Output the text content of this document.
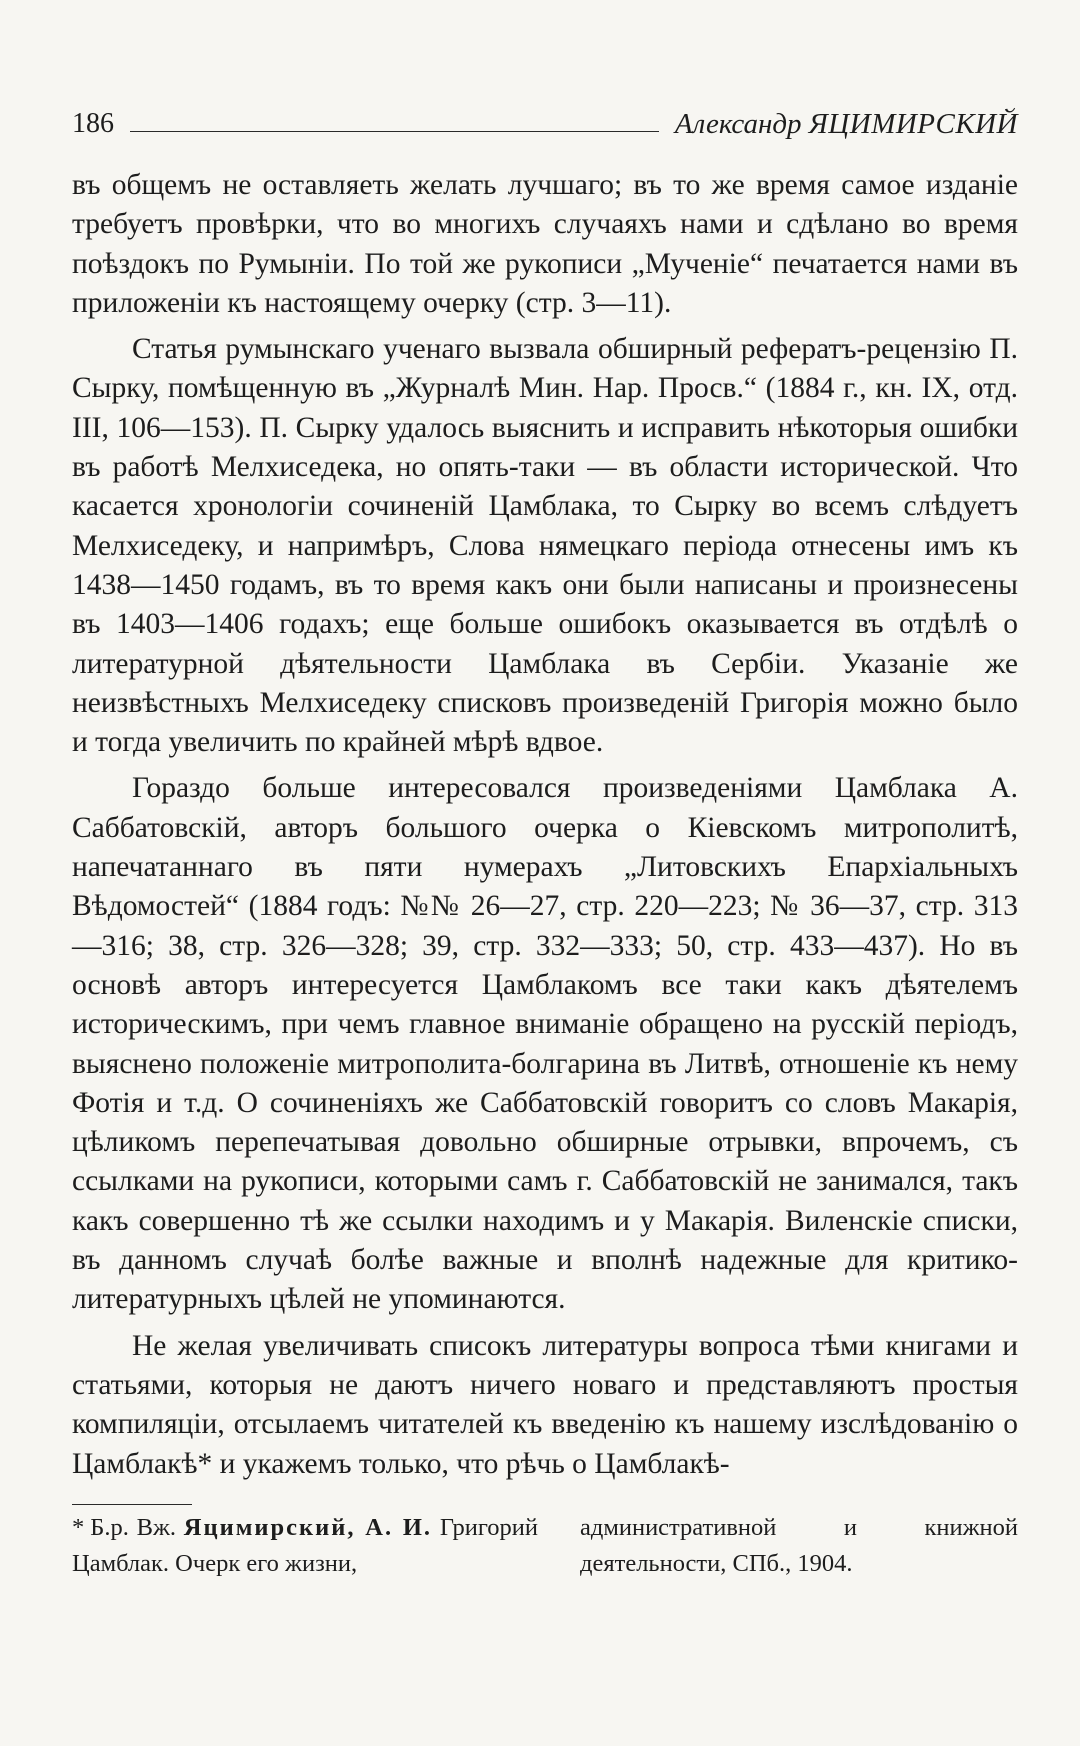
186	Александр ЯЦИМИРСКИЙ

въ общемъ не оставляеть желать лучшаго; въ то же время самое изданіе требуетъ провѣрки, что во многихъ случаяхъ нами и сдѣлано во время поѣздокъ по Румыніи. По той же рукописи „Мученіе“ печатается нами въ приложеніи къ настоящему очерку (стр. 3—11).

Статья румынскаго ученаго вызвала обширный рефератъ-рецензію П. Сырку, помѣщенную въ „Журналѣ Мин. Нар. Просв.“ (1884 г., кн. IX, отд. III, 106—153). П. Сырку удалось выяснить и исправить нѣкоторыя ошибки въ работѣ Мелхиседека, но опять-таки — въ области исторической. Что касается хронологіи сочиненій Цамблака, то Сырку во всемъ слѣдуетъ Мелхиседеку, и напримѣръ, Слова нямецкаго періода отнесены имъ къ 1438—1450 годамъ, въ то время какъ они были написаны и произнесены въ 1403—1406 годахъ; еще больше ошибокъ оказывается въ отдѣлѣ о литературной дѣятельности Цамблака въ Сербіи. Указаніе же неизвѣстныхъ Мелхиседеку списковъ произведеній Григорія можно было и тогда увеличить по крайней мѣрѣ вдвое.

Гораздо больше интересовался произведеніями Цамблака А. Саббатовскій, авторъ большого очерка о Кіевскомъ митрополитѣ, напечатаннаго въ пяти нумерахъ „Литовскихъ Епархіальныхъ Вѣдомостей“ (1884 годъ: №№ 26—27, стр. 220—223; № 36—37, стр. 313—316; 38, стр. 326—328; 39, стр. 332—333; 50, стр. 433—437). Но въ основѣ авторъ интересуется Цамблакомъ все таки какъ дѣятелемъ историческимъ, при чемъ главное вниманіе обращено на русскій періодъ, выяснено положеніе митрополита-болгарина въ Литвѣ, отношеніе къ нему Фотія и т.д. О сочиненіяхъ же Саббатовскій говоритъ со словъ Макарія, цѣликомъ перепечатывая довольно обширные отрывки, впрочемъ, съ ссылками на рукописи, которыми самъ г. Саббатовскій не занимался, такъ какъ совершенно тѣ же ссылки находимъ и у Макарія. Виленскіе списки, въ данномъ случаѣ болѣе важные и вполнѣ надежные для критико-литературныхъ цѣлей не упоминаются.

Не желая увеличивать списокъ литературы вопроса тѣми книгами и статьями, которыя не даютъ ничего новаго и представляютъ простыя компиляціи, отсылаемъ читателей къ введенію къ нашему изслѣдованію о Цамблакѣ* и укажемъ только, что рѣчь о Цамблакѣ-

* Б.р. Вж. Яцимирский, А. И. Григорий Цамблак. Очерк его жизни,
административной и книжной деятельности, СПб., 1904.
